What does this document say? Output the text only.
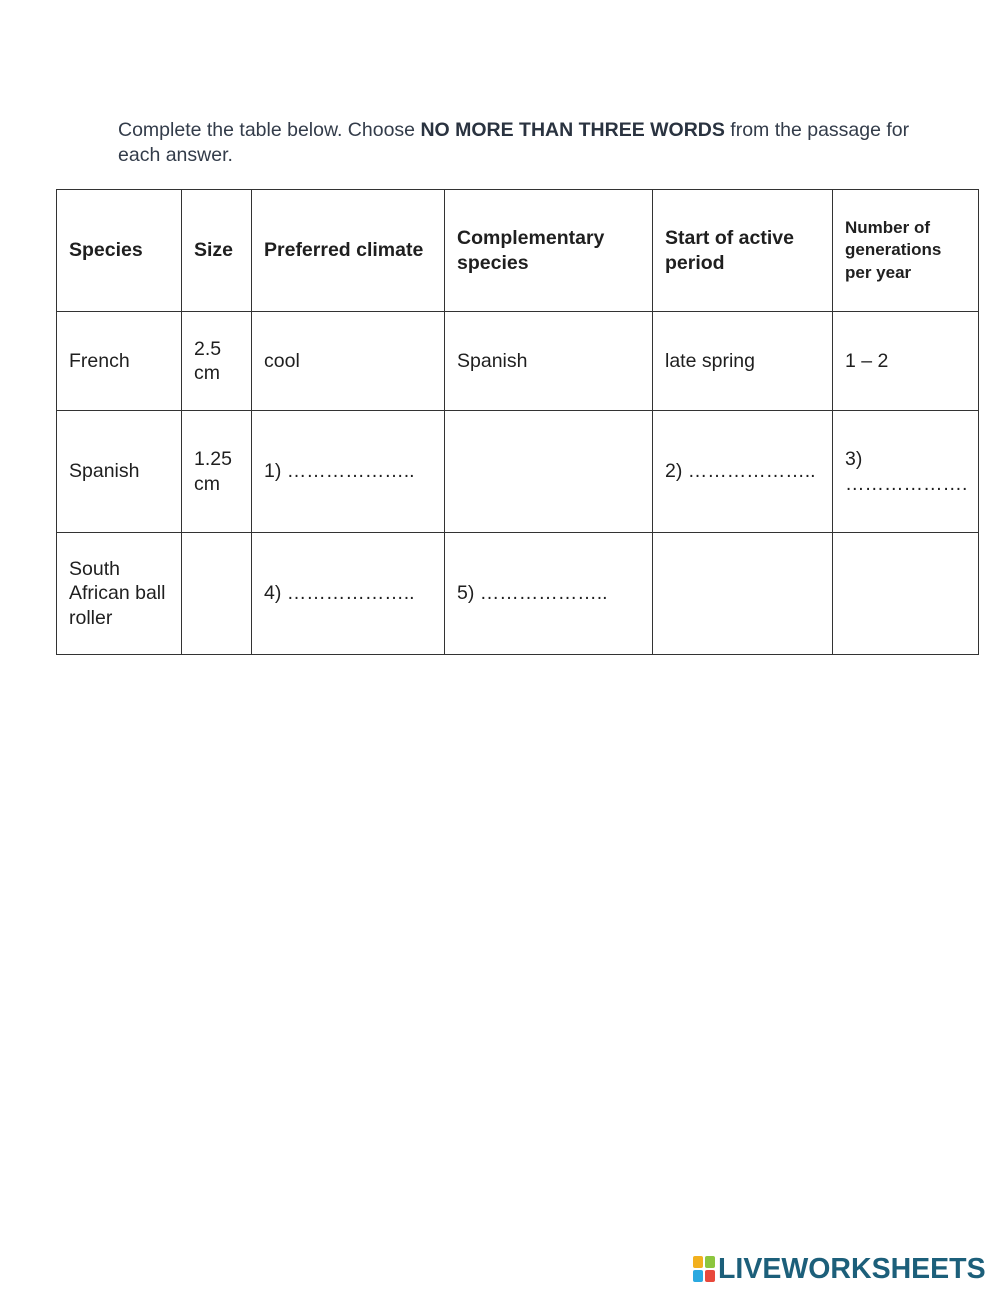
Complete the table below. Choose NO MORE THAN THREE WORDS from the passage for each answer.
Species	Size	Preferred climate	Complementary species	Start of active period	Number of generations per year
French	2.5 cm	cool	Spanish	late spring	1 – 2
Spanish	1.25 cm	1) ………………..		2) ………………..	3) ……………….
South African ball roller		4) ………………..	5) ………………..		
LIVEWORKSHEETS
